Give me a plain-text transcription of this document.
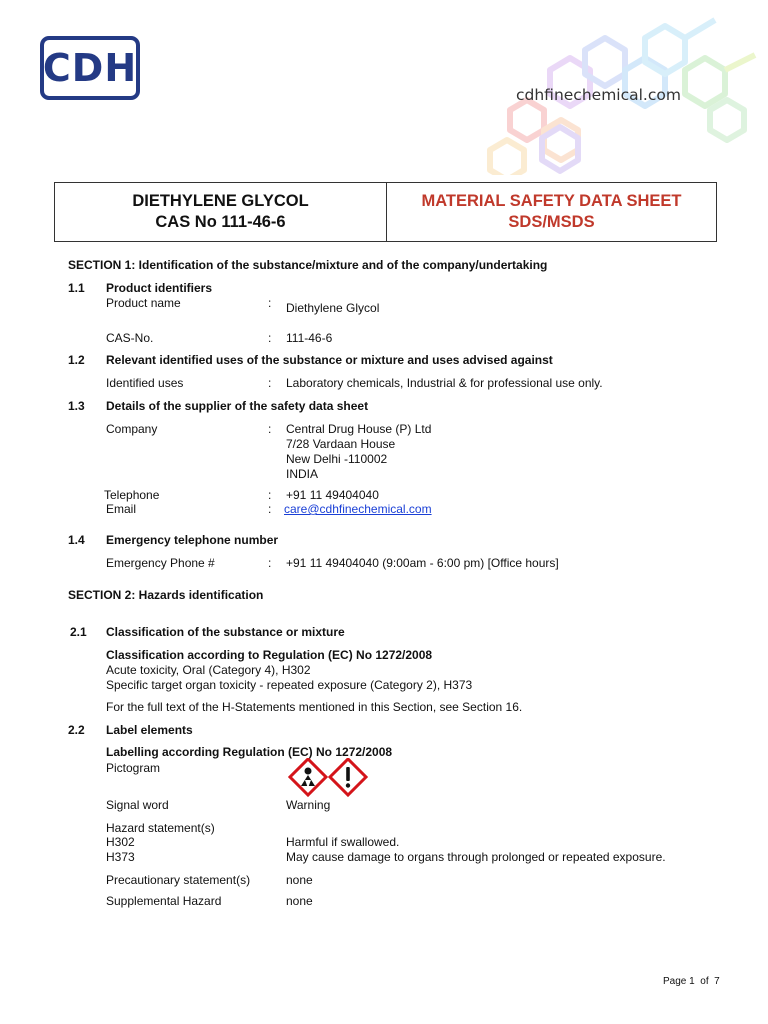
CDH
cdhfinechemical.com
DIETHYLENE GLYCOL
CAS No 111-46-6
MATERIAL SAFETY DATA SHEET
SDS/MSDS
SECTION 1: Identification of the substance/mixture and of the company/undertaking
1.1 Product identifiers
Product name	: Diethylene Glycol
CAS-No.	: 111-46-6
1.2 Relevant identified uses of the substance or mixture and uses advised against
Identified uses	: Laboratory chemicals, Industrial & for professional use only.
1.3 Details of the supplier of the safety data sheet
Company	: Central Drug House (P) Ltd
7/28 Vardaan House
New Delhi -110002
INDIA
Telephone	: +91 11 49404040
Email	: care@cdhfinechemical.com
1.4 Emergency telephone number
Emergency Phone #	: +91 11 49404040 (9:00am - 6:00 pm) [Office hours]
SECTION 2: Hazards identification
2.1 Classification of the substance or mixture
Classification according to Regulation (EC) No 1272/2008
Acute toxicity, Oral (Category 4), H302
Specific target organ toxicity - repeated exposure (Category 2), H373
For the full text of the H-Statements mentioned in this Section, see Section 16.
2.2 Label elements
Labelling according Regulation (EC) No 1272/2008
Pictogram
Signal word	Warning
Hazard statement(s)
H302	Harmful if swallowed.
H373	May cause damage to organs through prolonged or repeated exposure.
Precautionary statement(s)	none
Supplemental Hazard	none
Page 1  of  7
